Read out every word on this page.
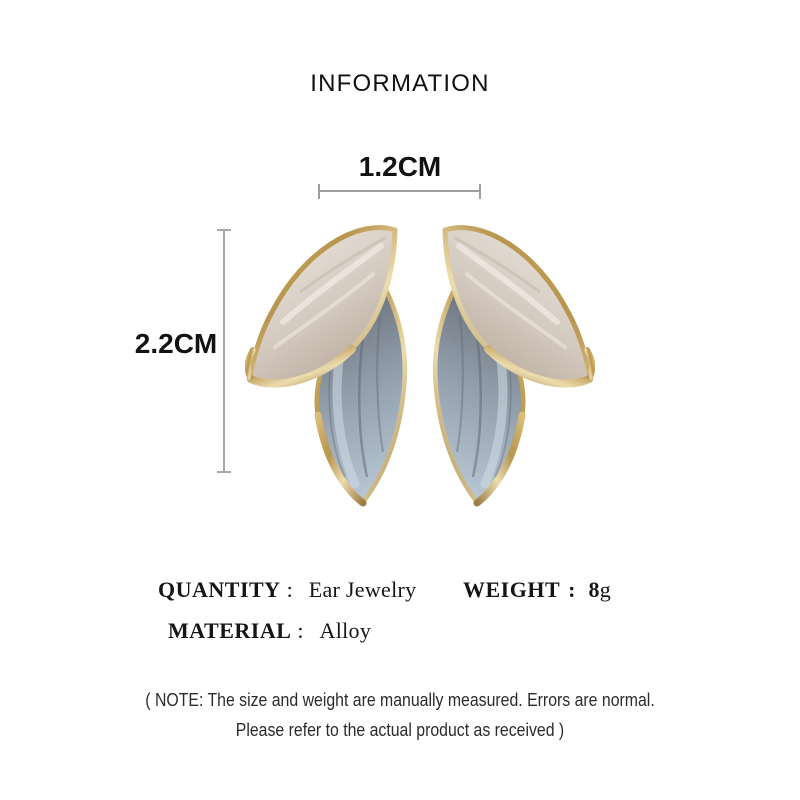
INFORMATION
1.2CM
2.2CM
QUANTITY : Ear Jewelry WEIGHT : 8g
MATERIAL : Alloy
( NOTE: The size and weight are manually measured. Errors are normal.
Please refer to the actual product as received )
